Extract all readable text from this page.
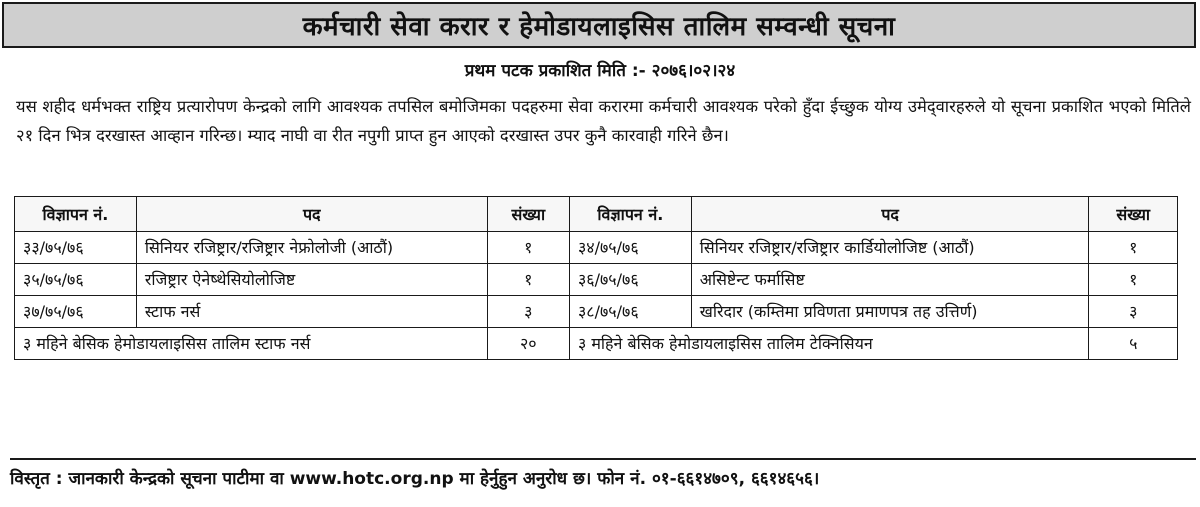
कर्मचारी सेवा करार र हेमोडायलाइसिस तालिम सम्वन्धी सूचना
प्रथम पटक प्रकाशित मिति :- २०७६।०२।२४
यस शहीद धर्मभक्त राष्ट्रिय प्रत्यारोपण केन्द्रको लागि आवश्यक तपसिल बमोजिमका पदहरुमा सेवा करारमा कर्मचारी आवश्यक परेको हुँदा ईच्छुक योग्य उमेद्‍वारहरुले यो सूचना प्रकाशित भएको मितिले २१ दिन भित्र दरखास्त आव्हान गरिन्छ। म्याद नाघी वा रीत नपुगी प्राप्त हुन आएको दरखास्त उपर कुनै कारवाही गरिने छैन।
विज्ञापन नं.	पद	संख्या	विज्ञापन नं.	पद	संख्या
३३/७५/७६	सिनियर रजिष्ट्रार/रजिष्ट्रार नेफ्रोलोजी (आठौं)	१	३४/७५/७६	सिनियर रजिष्ट्रार/रजिष्ट्रार कार्डियोलोजिष्ट (आठौं)	१
३५/७५/७६	रजिष्ट्रार ऐनेष्थेसियोलोजिष्ट	१	३६/७५/७६	असिष्टेन्ट फर्मासिष्ट	१
३७/७५/७६	स्टाफ नर्स	३	३८/७५/७६	खरिदार (कम्तिमा प्रविणता प्रमाणपत्र तह उत्तिर्ण)	३
३ महिने बेसिक हेमोडायलाइसिस तालिम स्टाफ नर्स		२०	३ महिने बेसिक हेमोडायलाइसिस तालिम टेक्निसियन		५
विस्तृत : जानकारी केन्द्रको सूचना पाटीमा वा www.hotc.org.np मा हेर्नुहुन अनुरोध छ। फोन नं. ०१-६६१४७०९, ६६१४६५६।
